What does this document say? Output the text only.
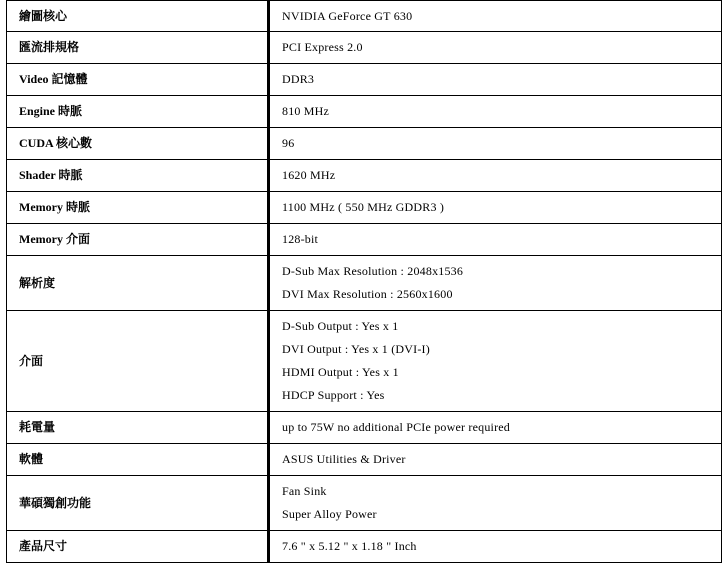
繪圖核心	NVIDIA GeForce GT 630

匯流排規格	PCI Express 2.0

Video 記憶體	DDR3

Engine 時脈	810 MHz

CUDA 核心數	96

Shader 時脈	1620 MHz

Memory 時脈	1100 MHz ( 550 MHz GDDR3 )

Memory 介面	128-bit

解析度	D-Sub Max Resolution : 2048x1536
DVI Max Resolution : 2560x1600

介面	D-Sub Output : Yes x 1
DVI Output : Yes x 1 (DVI-I)
HDMI Output : Yes x 1
HDCP Support : Yes

耗電量	up to 75W no additional PCIe power required

軟體	ASUS Utilities & Driver

華碩獨創功能	Fan Sink
Super Alloy Power

產品尺寸	7.6 " x 5.12 " x 1.18 " Inch
